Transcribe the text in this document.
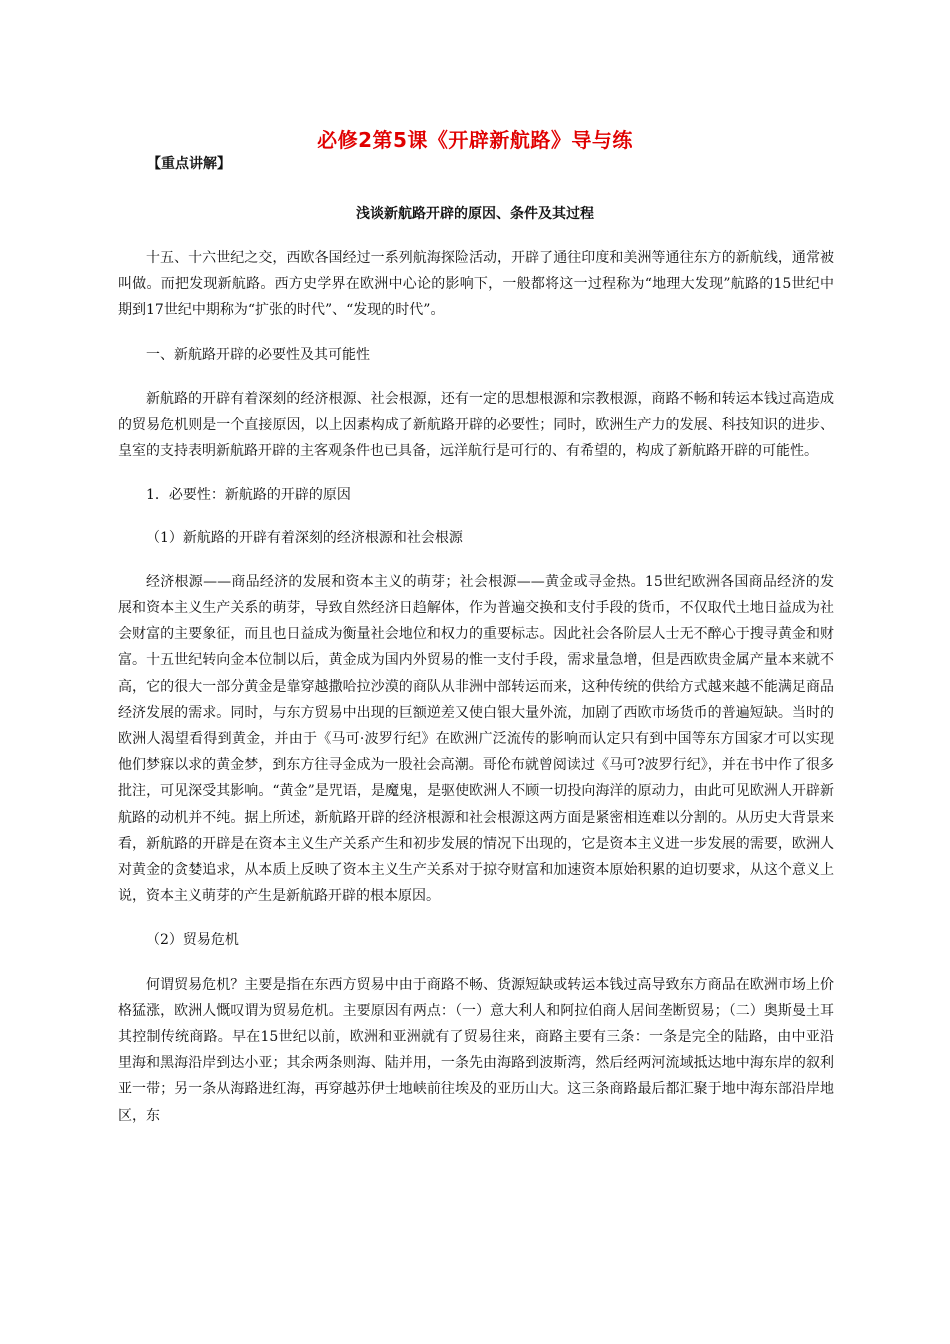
必修2第5课《开辟新航路》导与练
【重点讲解】
浅谈新航路开辟的原因、条件及其过程

十五、十六世纪之交，西欧各国经过一系列航海探险活动，开辟了通往印度和美洲等通往东方的新航线，通常被叫做。而把发现新航路。西方史学界在欧洲中心论的影响下，一般都将这一过程称为“地理大发现”航路的15世纪中期到17世纪中期称为“扩张的时代”、“发现的时代”。

一、新航路开辟的必要性及其可能性

新航路的开辟有着深刻的经济根源、社会根源，还有一定的思想根源和宗教根源，商路不畅和转运本钱过高造成的贸易危机则是一个直接原因，以上因素构成了新航路开辟的必要性；同时，欧洲生产力的发展、科技知识的进步、皇室的支持表明新航路开辟的主客观条件也已具备，远洋航行是可行的、有希望的，构成了新航路开辟的可能性。

1．必要性：新航路的开辟的原因

（1）新航路的开辟有着深刻的经济根源和社会根源

经济根源——商品经济的发展和资本主义的萌芽；社会根源——黄金或寻金热。15世纪欧洲各国商品经济的发展和资本主义生产关系的萌芽，导致自然经济日趋解体，作为普遍交换和支付手段的货币，不仅取代土地日益成为社会财富的主要象征，而且也日益成为衡量社会地位和权力的重要标志。因此社会各阶层人士无不醉心于搜寻黄金和财富。十五世纪转向金本位制以后，黄金成为国内外贸易的惟一支付手段，需求量急增，但是西欧贵金属产量本来就不高，它的很大一部分黄金是靠穿越撒哈拉沙漠的商队从非洲中部转运而来，这种传统的供给方式越来越不能满足商品经济发展的需求。同时，与东方贸易中出现的巨额逆差又使白银大量外流，加剧了西欧市场货币的普遍短缺。当时的欧洲人渴望看得到黄金，并由于《马可·波罗行纪》在欧洲广泛流传的影响而认定只有到中国等东方国家才可以实现他们梦寐以求的黄金梦，到东方往寻金成为一股社会高潮。哥伦布就曾阅读过《马可?波罗行纪》，并在书中作了很多批注，可见深受其影响。“黄金”是咒语，是魔鬼，是驱使欧洲人不顾一切投向海洋的原动力，由此可见欧洲人开辟新航路的动机并不纯。据上所述，新航路开辟的经济根源和社会根源这两方面是紧密相连难以分割的。从历史大背景来看，新航路的开辟是在资本主义生产关系产生和初步发展的情况下出现的，它是资本主义进一步发展的需要，欧洲人对黄金的贪婪追求，从本质上反映了资本主义生产关系对于掠夺财富和加速资本原始积累的迫切要求，从这个意义上说，资本主义萌芽的产生是新航路开辟的根本原因。

（2）贸易危机

何谓贸易危机？主要是指在东西方贸易中由于商路不畅、货源短缺或转运本钱过高导致东方商品在欧洲市场上价格猛涨，欧洲人慨叹谓为贸易危机。主要原因有两点：（一）意大利人和阿拉伯商人居间垄断贸易；（二）奥斯曼土耳其控制传统商路。早在15世纪以前，欧洲和亚洲就有了贸易往来，商路主要有三条：一条是完全的陆路，由中亚沿里海和黑海沿岸到达小亚；其余两条则海、陆并用，一条先由海路到波斯湾，然后经两河流域抵达地中海东岸的叙利亚一带；另一条从海路进红海，再穿越苏伊士地峡前往埃及的亚历山大。这三条商路最后都汇聚于地中海东部沿岸地区，东
